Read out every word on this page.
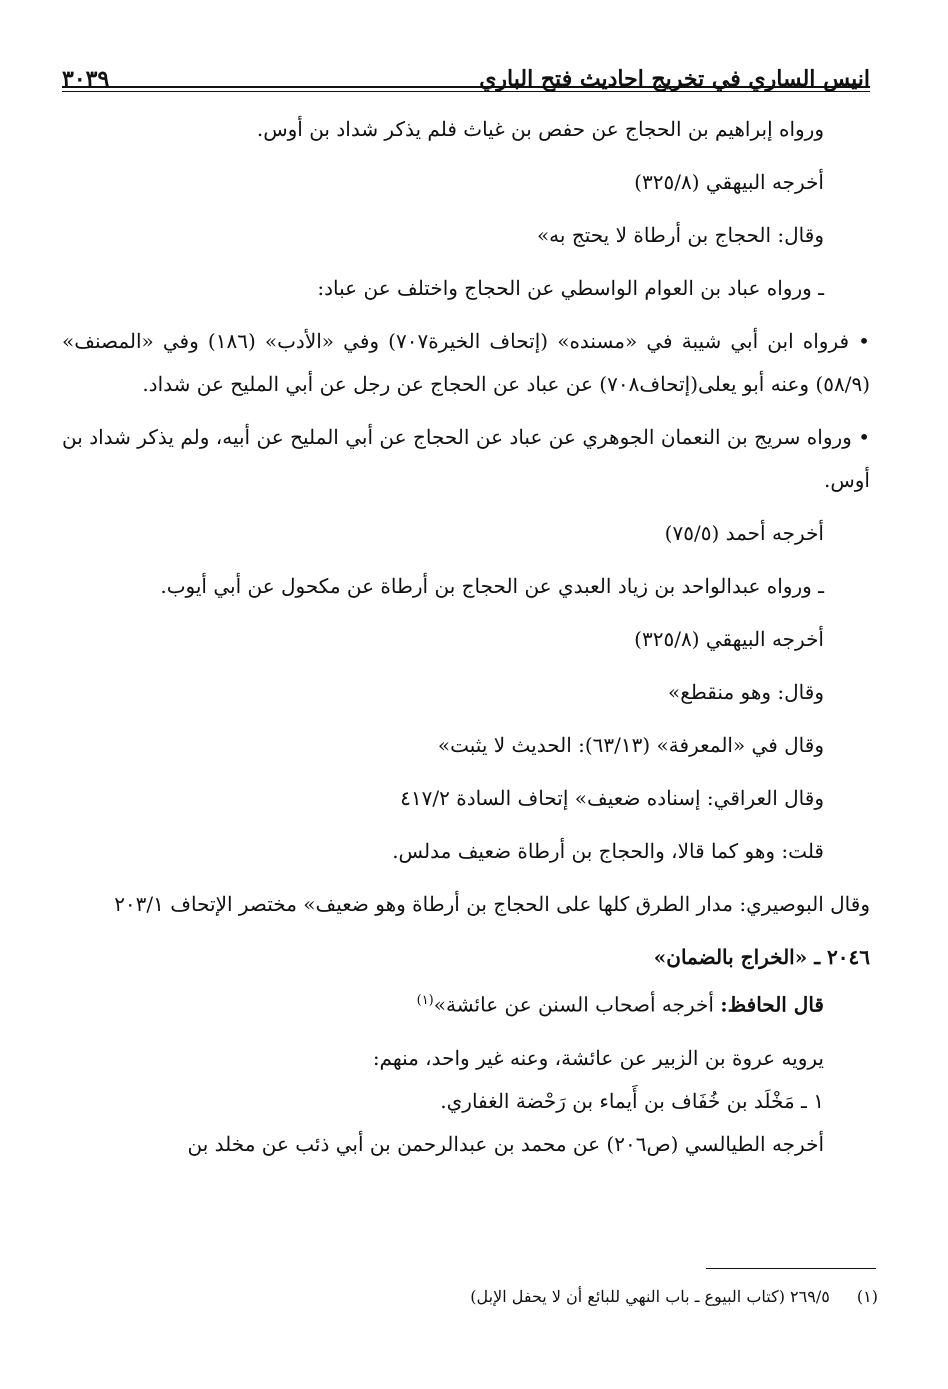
انيس الساري في تخريج احاديث فتح الباري
٣٠٣٩

ورواه إبراهيم بن الحجاج عن حفص بن غياث فلم يذكر شداد بن أوس.

أخرجه البيهقي (٣٢٥/٨)

وقال: الحجاج بن أرطاة لا يحتج به»

ـ ورواه عباد بن العوام الواسطي عن الحجاج واختلف عن عباد:

• فرواه ابن أبي شيبة في «مسنده» (إتحاف الخيرة٧٠٧) وفي «الأدب» (١٨٦) وفي «المصنف» (٥٨/٩) وعنه أبو يعلى(إتحاف٧٠٨) عن عباد عن الحجاج عن رجل عن أبي المليح عن شداد.

• ورواه سريج بن النعمان الجوهري عن عباد عن الحجاج عن أبي المليح عن أبيه، ولم يذكر شداد بن أوس.

أخرجه أحمد (٧٥/٥)

ـ ورواه عبدالواحد بن زياد العبدي عن الحجاج بن أرطاة عن مكحول عن أبي أيوب.

أخرجه البيهقي (٣٢٥/٨)

وقال: وهو منقطع»

وقال في «المعرفة» (٦٣/١٣): الحديث لا يثبت»

وقال العراقي: إسناده ضعيف» إتحاف السادة ٤١٧/٢

قلت: وهو كما قالا، والحجاج بن أرطاة ضعيف مدلس.

وقال البوصيري: مدار الطرق كلها على الحجاج بن أرطاة وهو ضعيف» مختصر الإتحاف ٢٠٣/١

٢٠٤٦ ـ «الخراج بالضمان»

قال الحافظ: أخرجه أصحاب السنن عن عائشة»$^{(١)}$

يرويه عروة بن الزبير عن عائشة، وعنه غير واحد، منهم:

١ ـ مَخْلَد بن خُفَاف بن أَيماء بن رَحْضة الغفاري.

أخرجه الطيالسي (ص٢٠٦) عن محمد بن عبدالرحمن بن أبي ذئب عن مخلد بن

(١) ٢٦٩/٥ (كتاب البيوع ـ باب النهي للبائع أن لا يحفل الإبل)
